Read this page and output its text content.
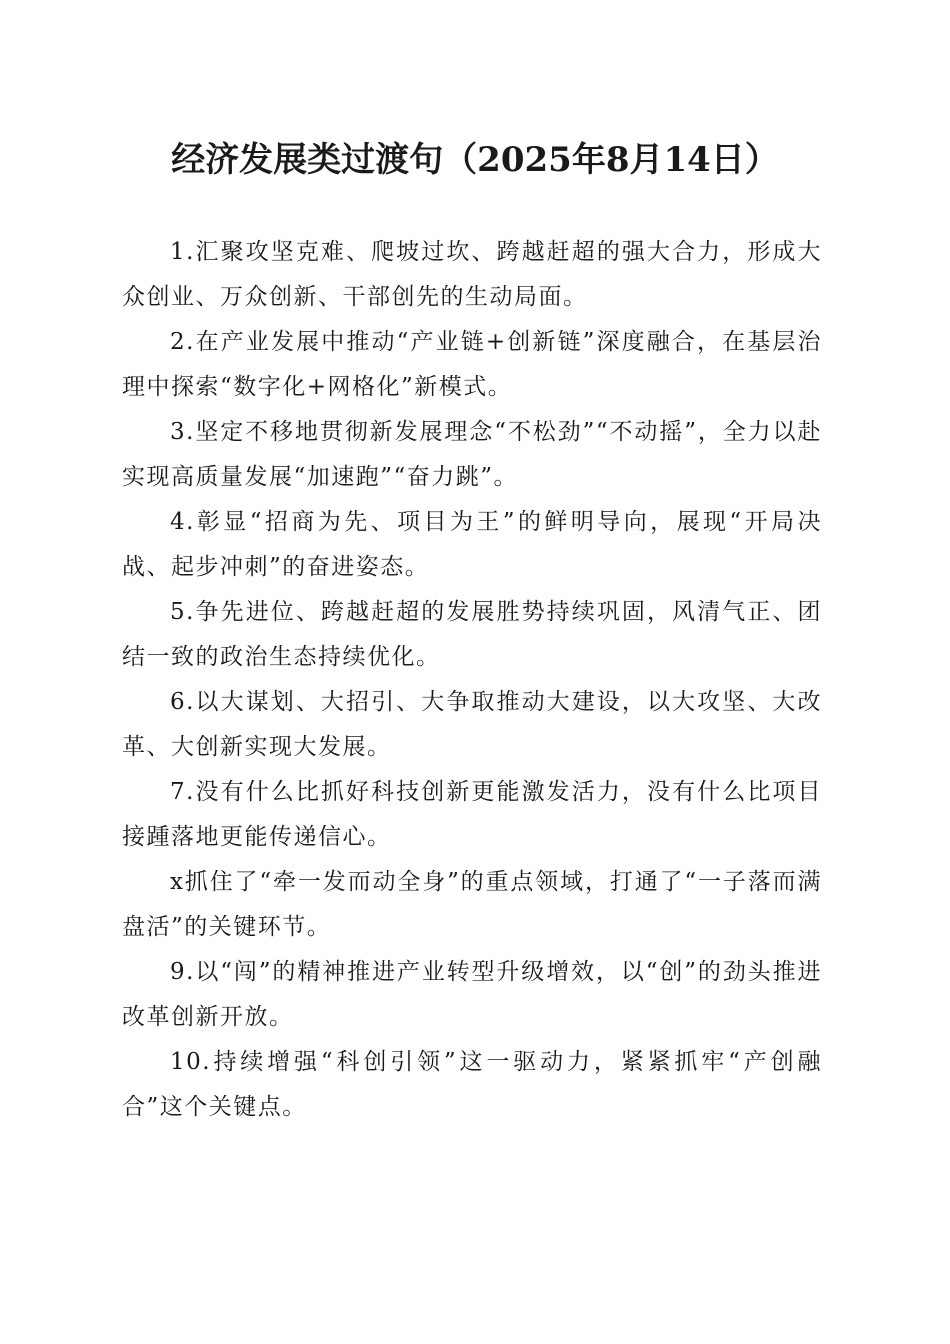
经济发展类过渡句（2025年8月14日）

1.汇聚攻坚克难、爬坡过坎、跨越赶超的强大合力，形成大众创业、万众创新、干部创先的生动局面。

2.在产业发展中推动“产业链+创新链”深度融合，在基层治理中探索“数字化+网格化”新模式。

3.坚定不移地贯彻新发展理念“不松劲”“不动摇”，全力以赴实现高质量发展“加速跑”“奋力跳”。

4.彰显“招商为先、项目为王”的鲜明导向，展现“开局决战、起步冲刺”的奋进姿态。

5.争先进位、跨越赶超的发展胜势持续巩固，风清气正、团结一致的政治生态持续优化。

6.以大谋划、大招引、大争取推动大建设，以大攻坚、大改革、大创新实现大发展。

7.没有什么比抓好科技创新更能激发活力，没有什么比项目接踵落地更能传递信心。

x抓住了“牵一发而动全身”的重点领域，打通了“一子落而满盘活”的关键环节。

9.以“闯”的精神推进产业转型升级增效，以“创”的劲头推进改革创新开放。

10.持续增强“科创引领”这一驱动力，紧紧抓牢“产创融合”这个关键点。
